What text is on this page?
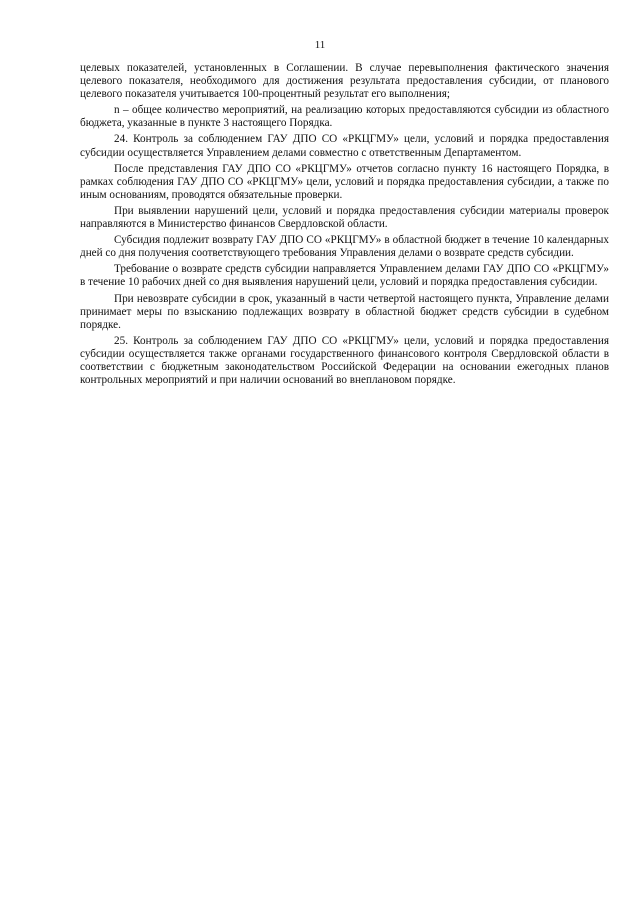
11

целевых показателей, установленных в Соглашении. В случае перевыполнения фактического значения целевого показателя, необходимого для достижения результата предоставления субсидии, от планового целевого показателя учитывается 100-процентный результат его выполнения;

n – общее количество мероприятий, на реализацию которых предоставляются субсидии из областного бюджета, указанные в пункте 3 настоящего Порядка.

24. Контроль за соблюдением ГАУ ДПО СО «РКЦГМУ» цели, условий и порядка предоставления субсидии осуществляется Управлением делами совместно с ответственным Департаментом.

После представления ГАУ ДПО СО «РКЦГМУ» отчетов согласно пункту 16 настоящего Порядка, в рамках соблюдения ГАУ ДПО СО «РКЦГМУ» цели, условий и порядка предоставления субсидии, а также по иным основаниям, проводятся обязательные проверки.

При выявлении нарушений цели, условий и порядка предоставления субсидии материалы проверок направляются в Министерство финансов Свердловской области.

Субсидия подлежит возврату ГАУ ДПО СО «РКЦГМУ» в областной бюджет в течение 10 календарных дней со дня получения соответствующего требования Управления делами о возврате средств субсидии.

Требование о возврате средств субсидии направляется Управлением делами ГАУ ДПО СО «РКЦГМУ» в течение 10 рабочих дней со дня выявления нарушений цели, условий и порядка предоставления субсидии.

При невозврате субсидии в срок, указанный в части четвертой настоящего пункта, Управление делами принимает меры по взысканию подлежащих возврату в областной бюджет средств субсидии в судебном порядке.

25. Контроль за соблюдением ГАУ ДПО СО «РКЦГМУ» цели, условий и порядка предоставления субсидии осуществляется также органами государственного финансового контроля Свердловской области в соответствии с бюджетным законодательством Российской Федерации на основании ежегодных планов контрольных мероприятий и при наличии оснований во внеплановом порядке.
